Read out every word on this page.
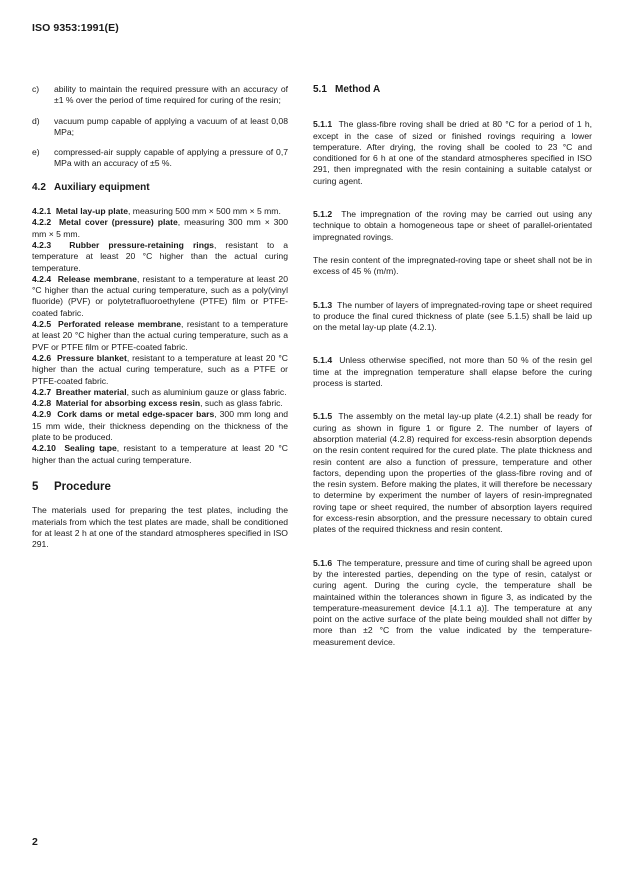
ISO 9353:1991(E)
c)	ability to maintain the required pressure with an accuracy of ±1 % over the period of time required for curing of the resin;
d)	vacuum pump capable of applying a vacuum of at least 0,08 MPa;
e)	compressed-air supply capable of applying a pressure of 0,7 MPa with an accuracy of ±5 %.
4.2 Auxiliary equipment

4.2.1 Metal lay-up plate, measuring 500 mm × 500 mm × 5 mm.

4.2.2 Metal cover (pressure) plate, measuring 300 mm × 300 mm × 5 mm.

4.2.3 Rubber pressure-retaining rings, resistant to a temperature at least 20 °C higher than the actual curing temperature.

4.2.4 Release membrane, resistant to a temperature at least 20 °C higher than the actual curing temperature, such as a poly(vinyl fluoride) (PVF) or polytetrafluoroethylene (PTFE) film or PTFE-coated fabric.

4.2.5 Perforated release membrane, resistant to a temperature at least 20 °C higher than the actual curing temperature, such as a PVF or PTFE film or PTFE-coated fabric.

4.2.6 Pressure blanket, resistant to a temperature at least 20 °C higher than the actual curing temperature, such as a PTFE or PTFE-coated fabric.

4.2.7 Breather material, such as aluminium gauze or glass fabric.

4.2.8 Material for absorbing excess resin, such as glass fabric.

4.2.9 Cork dams or metal edge-spacer bars, 300 mm long and 15 mm wide, their thickness depending on the thickness of the plate to be produced.

4.2.10 Sealing tape, resistant to a temperature at least 20 °C higher than the actual curing temperature.

5 Procedure

The materials used for preparing the test plates, including the materials from which the test plates are made, shall be conditioned for at least 2 h at one of the standard atmospheres specified in ISO 291.

5.1 Method A

5.1.1 The glass-fibre roving shall be dried at 80 °C for a period of 1 h, except in the case of sized or finished rovings requiring a lower temperature. After drying, the roving shall be cooled to 23 °C and conditioned for 6 h at one of the standard atmospheres specified in ISO 291, then impregnated with the resin containing a suitable catalyst or curing agent.

5.1.2 The impregnation of the roving may be carried out using any technique to obtain a homogeneous tape or sheet of parallel-orientated impregnated rovings.

The resin content of the impregnated-roving tape or sheet shall not be in excess of 45 % (m/m).

5.1.3 The number of layers of impregnated-roving tape or sheet required to produce the final cured thickness of plate (see 5.1.5) shall be laid up on the metal lay-up plate (4.2.1).

5.1.4 Unless otherwise specified, not more than 50 % of the resin gel time at the impregnation temperature shall elapse before the curing process is started.

5.1.5 The assembly on the metal lay-up plate (4.2.1) shall be ready for curing as shown in figure 1 or figure 2. The number of layers of absorption material (4.2.8) required for excess-resin absorption depends on the resin content required for the cured plate. The plate thickness and resin content are also a function of pressure, temperature and other factors, depending upon the properties of the glass-fibre roving and of the resin system. Before making the plates, it will therefore be necessary to determine by experiment the number of layers of resin-impregnated roving tape or sheet required, the number of absorption layers required for excess-resin absorption, and the pressure necessary to obtain cured plates of the required thickness and resin content.

5.1.6 The temperature, pressure and time of curing shall be agreed upon by the interested parties, depending on the type of resin, catalyst or curing agent. During the curing cycle, the temperature shall be maintained within the tolerances shown in figure 3, as indicated by the temperature-measurement device [4.1.1 a)]. The temperature at any point on the active surface of the plate being moulded shall not differ by more than ±2 °C from the value indicated by the temperature-measurement device.

2
